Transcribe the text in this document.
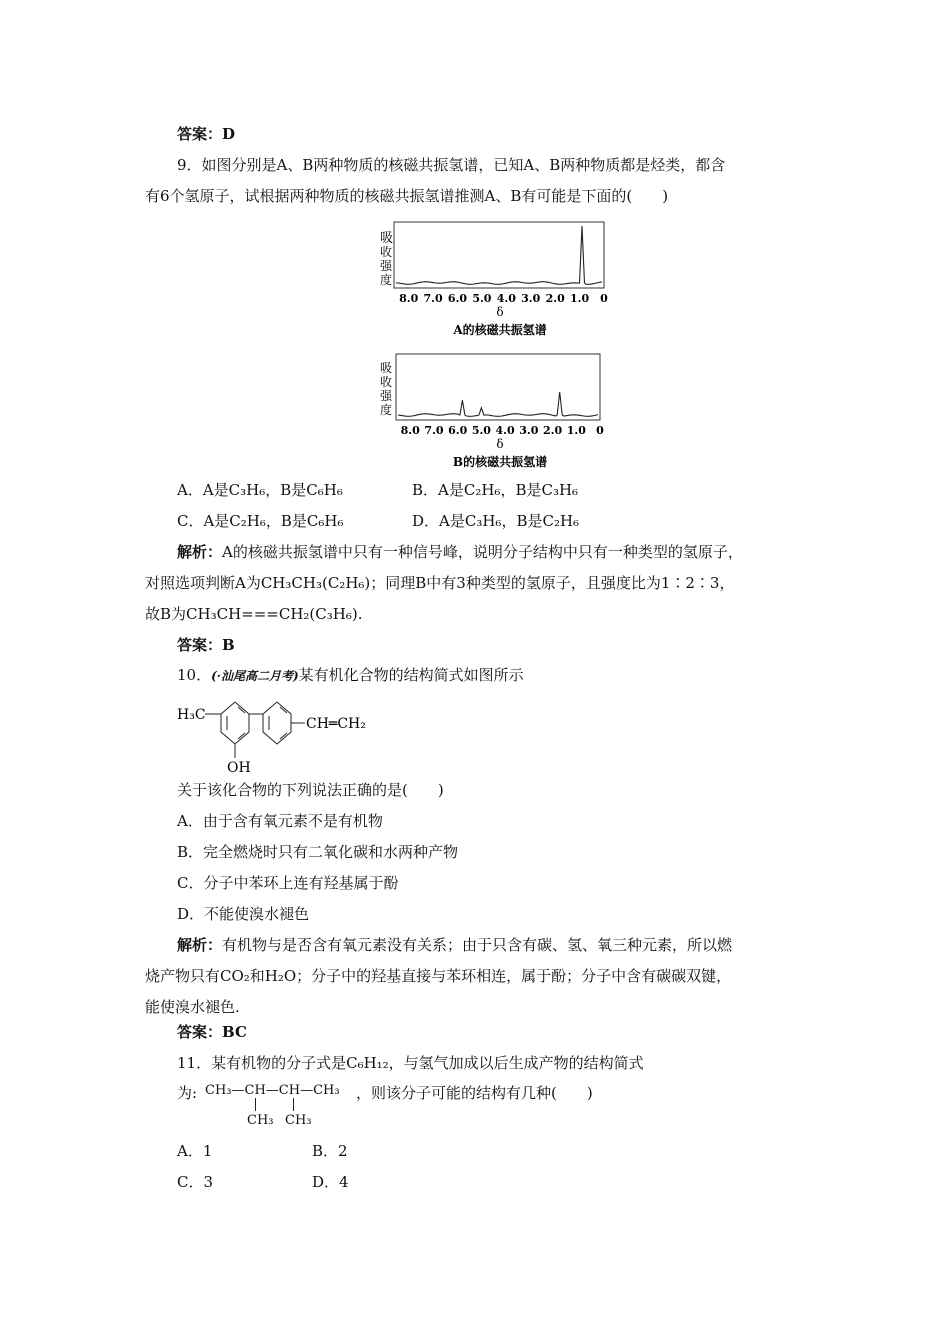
答案：D
9．如图分别是A、B两种物质的核磁共振氢谱，已知A、B两种物质都是烃类，都含
有6个氢原子，试根据两种物质的核磁共振氢谱推测A、B有可能是下面的(　　)
吸
收
强
度
8.0 7.0 6.0 5.0 4.0 3.0 2.0 1.0 0
δ
A的核磁共振氢谱
吸
收
强
度
8.0 7.0 6.0 5.0 4.0 3.0 2.0 1.0 0
δ
B的核磁共振氢谱
A．A是C₃H₆，B是C₆H₆	B．A是C₂H₆，B是C₃H₆
C．A是C₂H₆，B是C₆H₆	D．A是C₃H₆，B是C₂H₆
解析：A的核磁共振氢谱中只有一种信号峰，说明分子结构中只有一种类型的氢原子，
对照选项判断A为CH₃CH₃(C₂H₆)；同理B中有3种类型的氢原子，且强度比为1∶2∶3，
故B为CH₃CH===CH₂(C₃H₆).
答案：B
10．(·汕尾高二月考)某有机化合物的结构简式如图所示
H₃C
OH
CH═CH₂
关于该化合物的下列说法正确的是(　　)
A．由于含有氧元素不是有机物
B．完全燃烧时只有二氧化碳和水两种产物
C．分子中苯环上连有羟基属于酚
D．不能使溴水褪色
解析：有机物与是否含有氧元素没有关系；由于只含有碳、氢、氧三种元素，所以燃
烧产物只有CO₂和H₂O；分子中的羟基直接与苯环相连，属于酚；分子中含有碳碳双键，
能使溴水褪色.
答案：BC
11．某有机物的分子式是C₆H₁₂，与氢气加成以后生成产物的结构简式
为: CH₃—CH—CH—CH₃ ，则该分子可能的结构有几种(　　)
CH₃ CH₃
A．1	B．2
C．3	D．4
